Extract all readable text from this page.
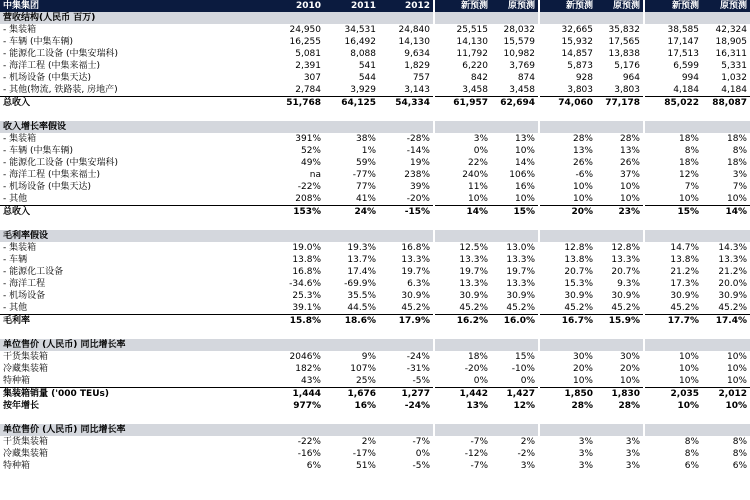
中集集团	2010	2011	2012	新预测	原预测	新预测	原预测	新预测	原预测
营收结构(人民币 百万)									
- 集装箱	24,950	34,531	24,840	25,515	28,032	32,665	35,832	38,585	42,324
- 车辆 (中集车辆)	16,255	16,492	14,130	14,130	15,579	15,932	17,565	17,147	18,905
- 能源化工设备 (中集安瑞科)	5,081	8,088	9,634	11,792	10,982	14,857	13,838	17,513	16,311
- 海洋工程 (中集来福士)	2,391	541	1,829	6,220	3,769	5,873	5,176	6,599	5,331
- 机场设备 (中集天达)	307	544	757	842	874	928	964	994	1,032
- 其他(物流, 铁路装, 房地产)	2,784	3,929	3,143	3,458	3,458	3,803	3,803	4,184	4,184
总收入	51,768	64,125	54,334	61,957	62,694	74,060	77,178	85,022	88,087

收入增长率假设									
- 集装箱	391%	38%	-28%	3%	13%	28%	28%	18%	18%
- 车辆 (中集车辆)	52%	1%	-14%	0%	10%	13%	13%	8%	8%
- 能源化工设备 (中集安瑞科)	49%	59%	19%	22%	14%	26%	26%	18%	18%
- 海洋工程 (中集来福士)	na	-77%	238%	240%	106%	-6%	37%	12%	3%
- 机场设备 (中集天达)	-22%	77%	39%	11%	16%	10%	10%	7%	7%
- 其他	208%	41%	-20%	10%	10%	10%	10%	10%	10%
总收入	153%	24%	-15%	14%	15%	20%	23%	15%	14%

毛利率假设									
- 集装箱	19.0%	19.3%	16.8%	12.5%	13.0%	12.8%	12.8%	14.7%	14.3%
- 车辆	13.8%	13.7%	13.3%	13.3%	13.3%	13.8%	13.3%	13.8%	13.3%
- 能源化工设备	16.8%	17.4%	19.7%	19.7%	19.7%	20.7%	20.7%	21.2%	21.2%
- 海洋工程	-34.6%	-69.9%	6.3%	13.3%	13.3%	15.3%	9.3%	17.3%	20.0%
- 机场设备	25.3%	35.5%	30.9%	30.9%	30.9%	30.9%	30.9%	30.9%	30.9%
- 其他	39.1%	44.5%	45.2%	45.2%	45.2%	45.2%	45.2%	45.2%	45.2%
毛利率	15.8%	18.6%	17.9%	16.2%	16.0%	16.7%	15.9%	17.7%	17.4%

单位售价 (人民币) 同比增长率									
干货集装箱	2046%	9%	-24%	18%	15%	30%	30%	10%	10%
冷藏集装箱	182%	107%	-31%	-20%	-10%	20%	20%	10%	10%
特种箱	43%	25%	-5%	0%	0%	10%	10%	10%	10%
集装箱销量 ('000 TEUs)	1,444	1,676	1,277	1,442	1,427	1,850	1,830	2,035	2,012
按年增长	977%	16%	-24%	13%	12%	28%	28%	10%	10%

单位售价 (人民币) 同比增长率									
干货集装箱	-22%	2%	-7%	-7%	2%	3%	3%	8%	8%
冷藏集装箱	-16%	-17%	0%	-12%	-2%	3%	3%	8%	8%
特种箱	6%	51%	-5%	-7%	3%	3%	3%	6%	6%
